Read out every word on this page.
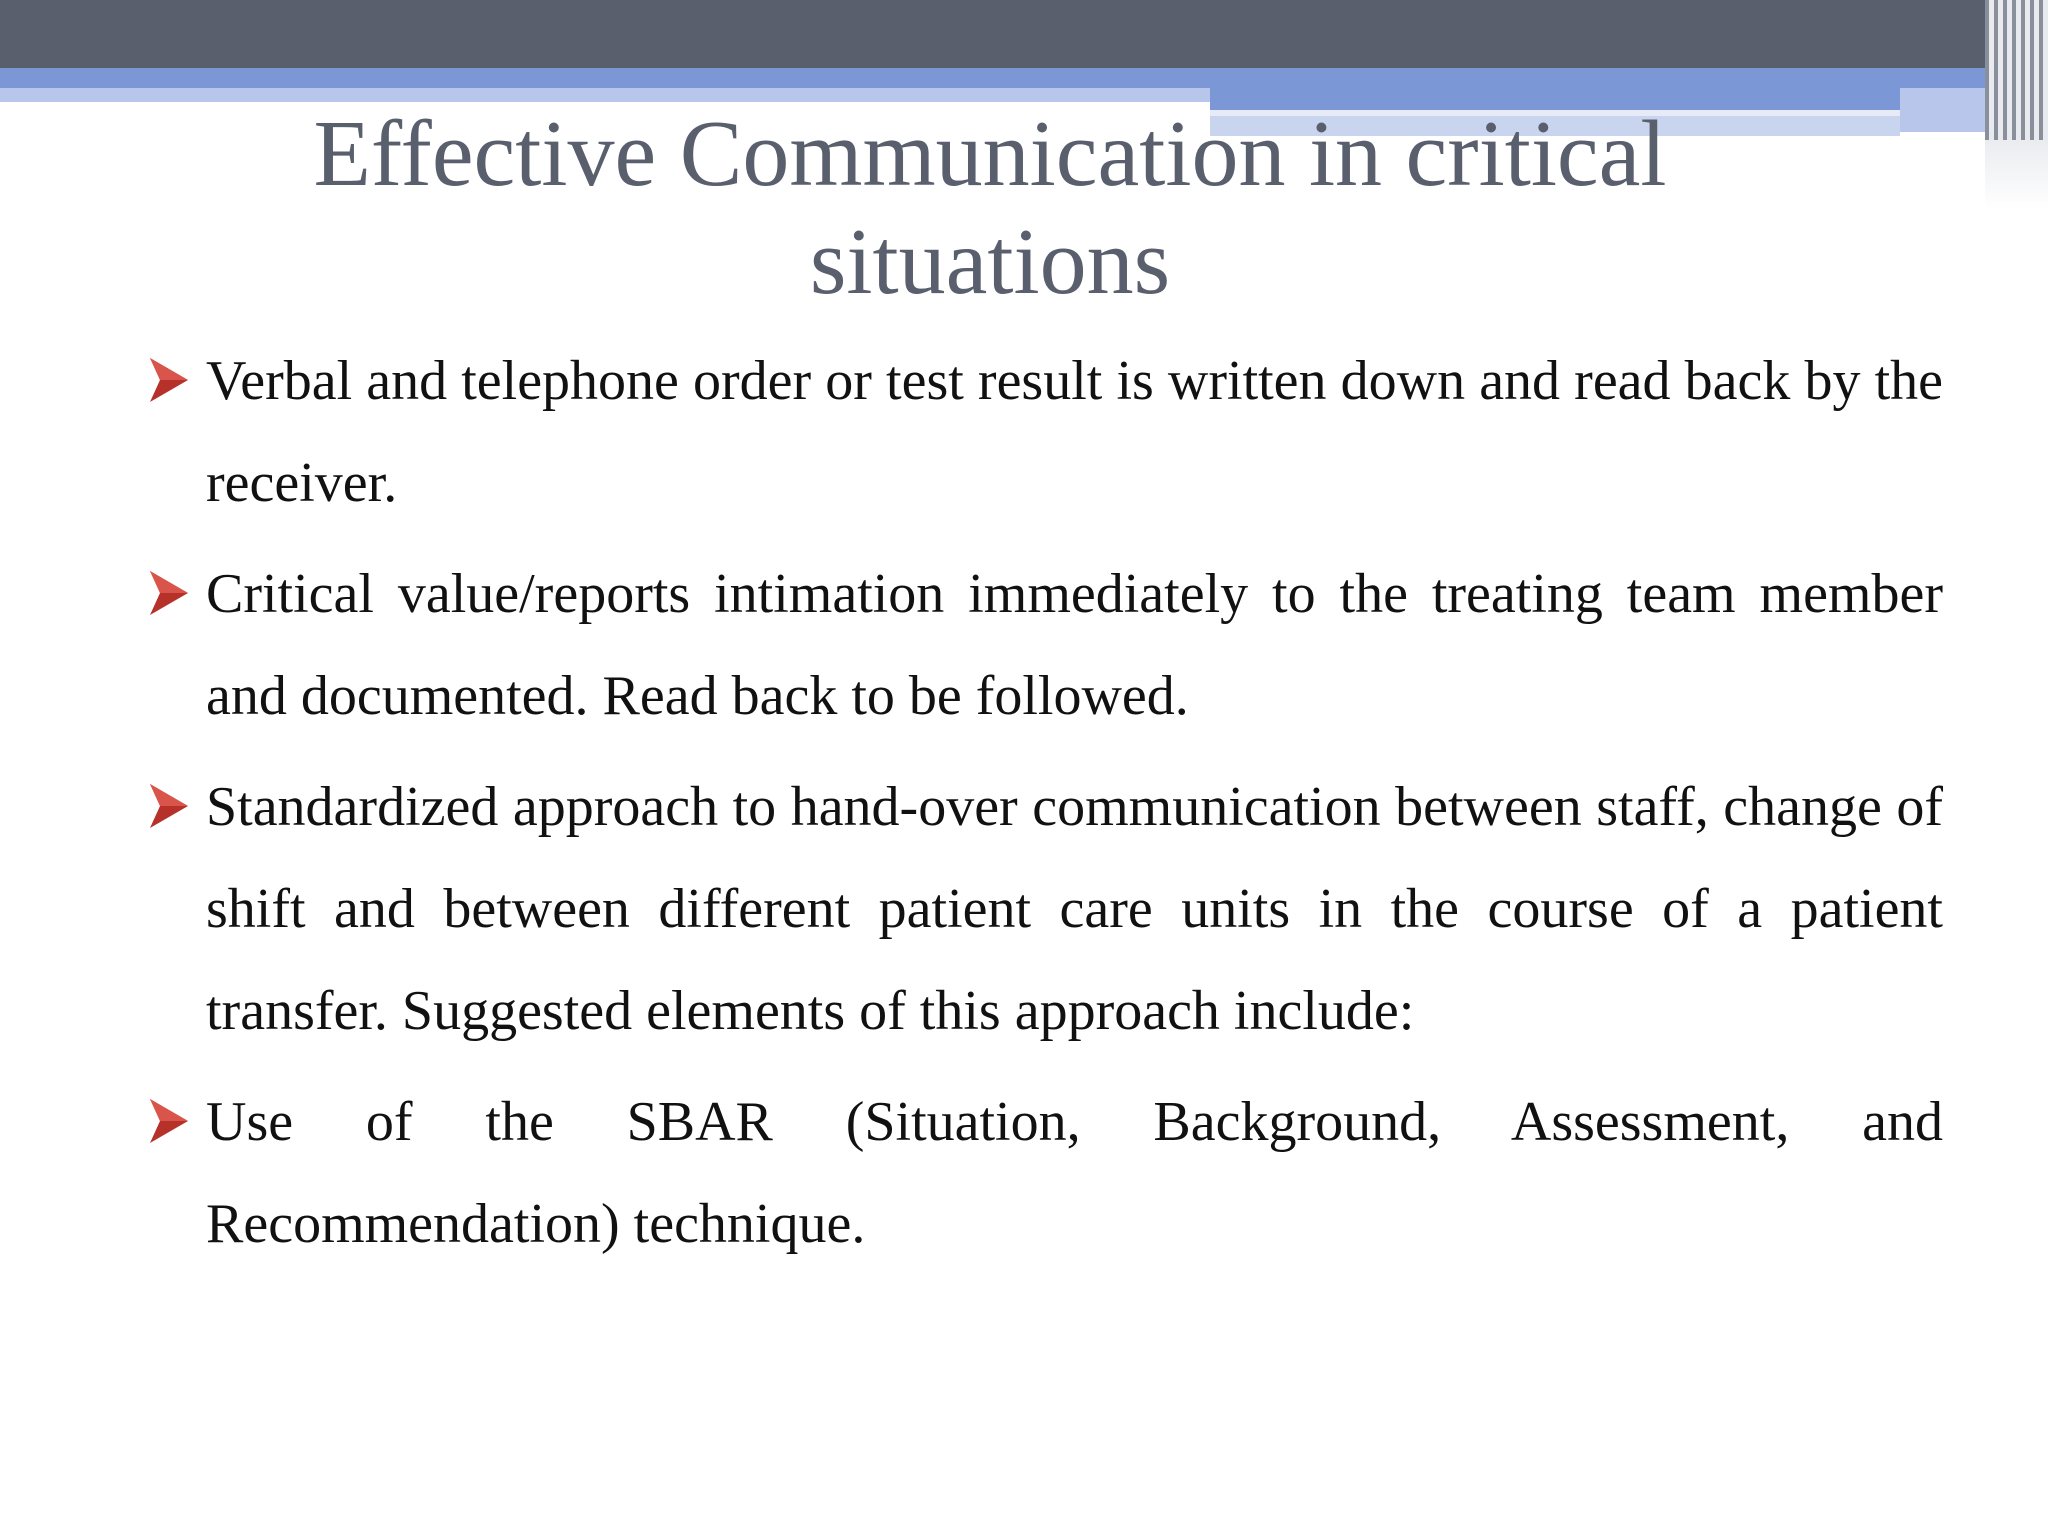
Effective Communication in critical situations
Verbal and telephone order or test result is written down and read back by the receiver.
Critical value/reports intimation immediately to the treating team member and documented. Read back to be followed.
Standardized approach to hand-over communication between staff, change of shift and between different patient care units in the course of a patient transfer. Suggested elements of this approach include:
Use of the SBAR (Situation, Background, Assessment, and Recommendation) technique.
